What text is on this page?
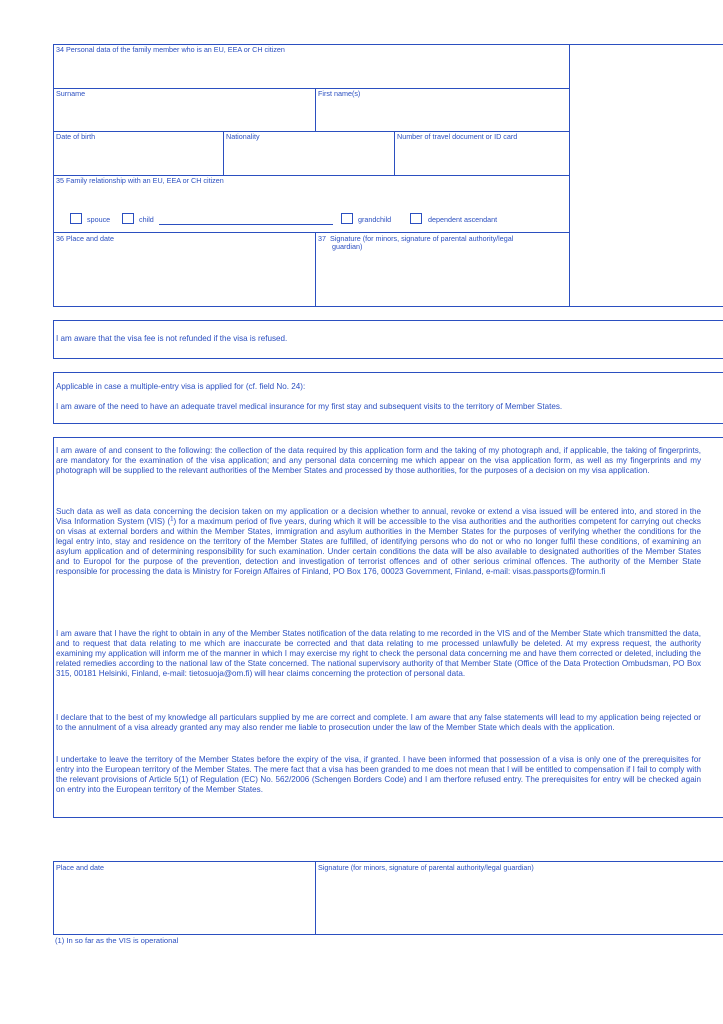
34 Personal data of the family member who is an EU, EEA or CH citizen
Surname	First name(s)
Date of birth	Nationality	Number of travel document or ID card
35 Family relationship with an EU, EEA or CH citizen
spouce	child	grandchild	dependent ascendant
36 Place and date	37  Signature (for minors, signature of parental authority/legal
guardian)
I am aware that the visa fee is not refunded if the visa is refused.
Applicable in case a multiple-entry visa is applied for (cf. field No. 24):
I am aware of the need to have an adequate travel medical insurance for my first stay and subsequent visits to the territory of Member States.

I am aware of and consent to the following: the collection of the data required by this application form and the taking of my photograph and, if applicable, the taking of fingerprints, are mandatory for the examination of the visa application; and any personal data concerning me which appear on the visa application form, as well as my fingerprints and my photograph will be supplied to the relevant authorities of the Member States and processed by those authorities, for the purposes of a decision on my visa application.

Such data as well as data concerning the decision taken on my application or a decision whether to annual, revoke or extend a visa issued will be entered into, and stored in the Visa Information System (VIS) ($^1$) for a maximum period of five years, during which it will be accessible to the visa authorities and the authorities competent for carrying out checks on visas at external borders and within the Member States, immigration and asylum authorities in the Member States for the purposes of verifying whether the conditions for the legal entry into, stay and residence on the territory of the Member States are fulfilled, of identifying persons who do not or who no longer fulfil these conditions, of examining an asylum application and of determining responsibility for such examination. Under certain conditions the data will be also available to designated authorities of the Member States and to Europol for the purpose of the prevention, detection and investigation of terrorist offences and of other serious criminal offences. The authority of the Member State responsible for processing the data is Ministry for Foreign Affaires of Finland, PO Box 176, 00023 Government, Finland, e-mail: visas.passports@formin.fi

I am aware that I have the right to obtain in any of the Member States notification of the data relating to me recorded in the VIS and of the Member State which transmitted the data, and to request that data relating to me which are inaccurate be corrected and that data relating to me processed unlawfully be deleted. At my express request, the authority examining my application will inform me of the manner in which I may exercise my right to check the personal data concerning me and have them corrected or deleted, including the related remedies according to the national law of the State concerned. The national supervisory authority of that Member State (Office of the Data Protection Ombudsman, PO Box 315, 00181 Helsinki, Finland, e-mail: tietosuoja@om.fi) will hear claims concerning the protection of personal data.

I declare that to the best of my knowledge all particulars supplied by me are correct and complete. I am aware that any false statements will lead to my application being rejected or to the annulment of a visa already granted any may also render me liable to prosecution under the law of the Member State which deals with the application.

I undertake to leave the territory of the Member States before the expiry of the visa, if granted. I have been informed that possession of a visa is only one of the prerequisites for entry into the European territory of the Member States. The mere fact that a visa has been granded to me does not mean that I will be entitled to compensation if I fail to comply with the relevant provisions of Article 5(1) of Regulation (EC) No. 562/2006 (Schengen Borders Code) and I am therfore refused entry. The prerequisites for entry will be checked again on entry into the European territory of the Member States.

Place and date	Signature (for minors, signature of parental authority/legal guardian)
(1) In so far as the VIS is operational
